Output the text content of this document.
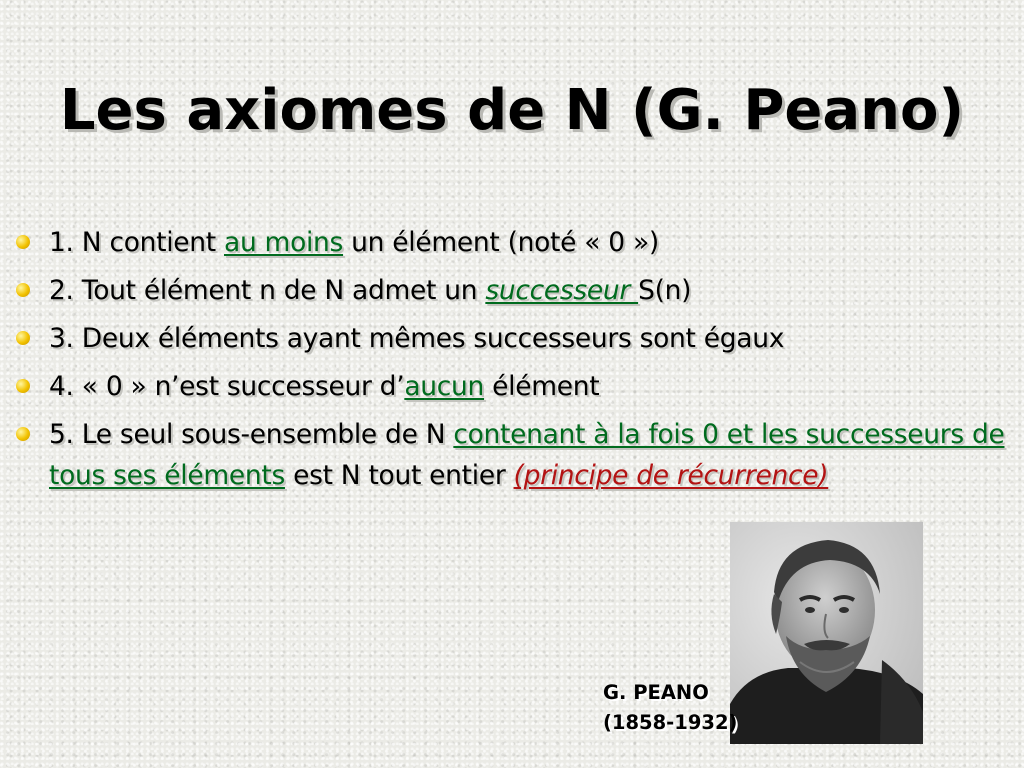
Les axiomes de N (G. Peano)
1. N contient au moins un élément (noté « 0 »)
2. Tout élément n de N admet un successeur S(n)
3. Deux éléments ayant mêmes successeurs sont égaux
4. « 0 » n’est successeur d’aucun élément
5. Le seul sous-ensemble de N contenant à la fois 0 et les successeurs de tous ses éléments est N tout entier (principe de récurrence)
G. PEANO
(1858-1932)
